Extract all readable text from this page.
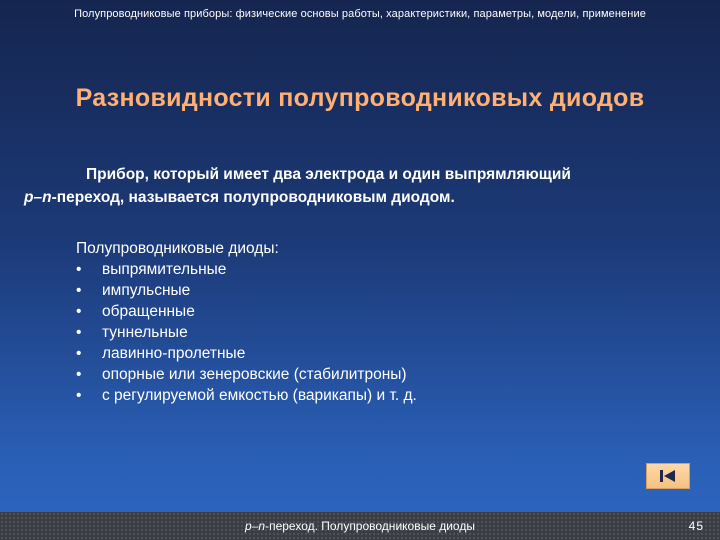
Полупроводниковые приборы: физические основы работы, характеристики, параметры, модели, применение
Разновидности полупроводниковых диодов
Прибор, который имеет два электрода и один выпрямляющий
p–n-переход, называется полупроводниковым диодом.
Полупроводниковые диоды:
• выпрямительные
• импульсные
• обращенные
• туннельные
• лавинно-пролетные
• опорные или зенеровские (стабилитроны)
• с регулируемой емкостью (варикапы) и т. д.
p–n-переход. Полупроводниковые диоды	45
